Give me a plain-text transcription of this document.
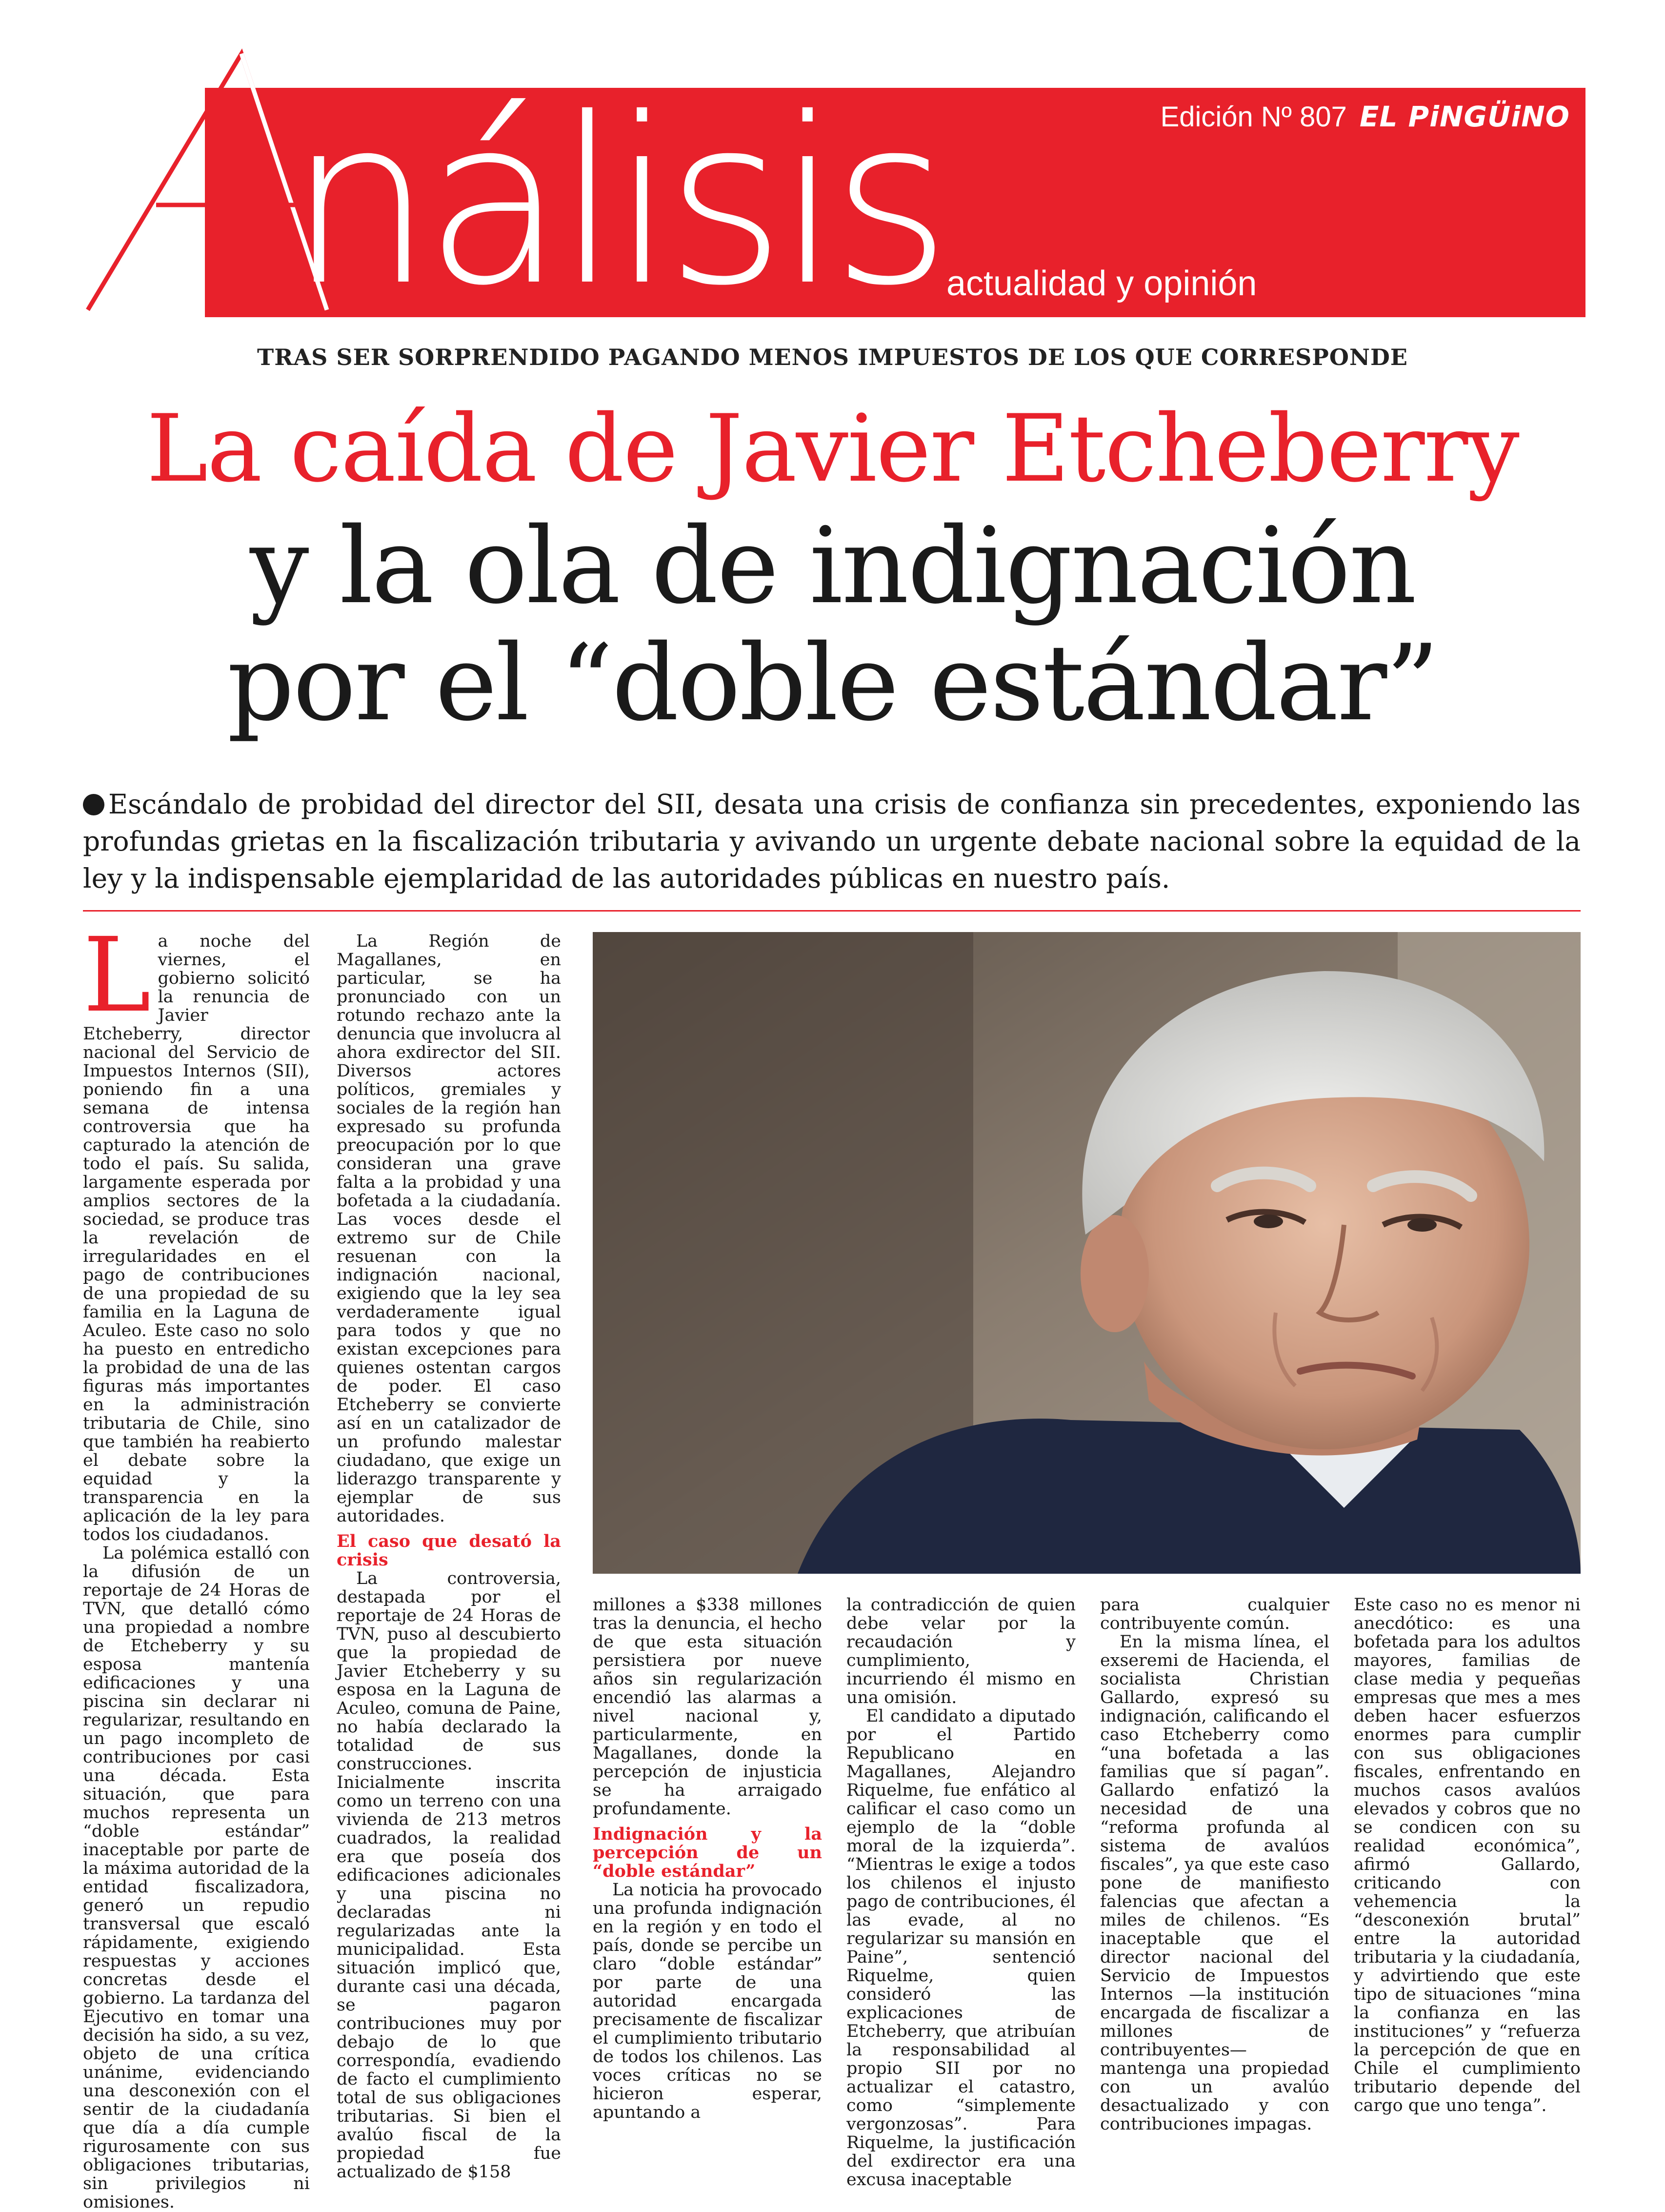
nálisis	Edición Nº 807 EL PiNGÜiNO
actualidad y opinión
TRAS SER SORPRENDIDO PAGANDO MENOS IMPUESTOS DE LOS QUE CORRESPONDE
La caída de Javier Etcheberry
y la ola de indignación
por el “doble estándar”
Escándalo de probidad del director del SII, desata una crisis de confianza sin precedentes, exponiendo las profundas grietas en la fiscalización tributaria y avivando un urgente debate nacional sobre la equidad de la ley y la indispensable ejemplaridad de las autoridades públicas en nuestro país.
L a noche del viernes, el gobierno solicitó la renuncia de Javier Etcheberry, director nacional del Servicio de Impuestos Internos (SII), poniendo fin a una semana de intensa controversia que ha capturado la atención de todo el país. Su salida, largamente esperada por amplios sectores de la sociedad, se produce tras la revelación de irregularidades en el pago de contribuciones de una propiedad de su familia en la Laguna de Aculeo. Este caso no solo ha puesto en entredicho la probidad de una de las figuras más importantes en la administración tributaria de Chile, sino que también ha reabierto el debate sobre la equidad y la transparencia en la aplicación de la ley para todos los ciudadanos.

La polémica estalló con la difusión de un reportaje de 24 Horas de TVN, que detalló cómo una propiedad a nombre de Etcheberry y su esposa mantenía edificaciones y una piscina sin declarar ni regularizar, resultando en un pago incompleto de contribuciones por casi una década. Esta situación, que para muchos representa un “doble estándar” inaceptable por parte de la máxima autoridad de la entidad fiscalizadora, generó un repudio transversal que escaló rápidamente, exigiendo respuestas y acciones concretas desde el gobierno. La tardanza del Ejecutivo en tomar una decisión ha sido, a su vez, objeto de una crítica unánime, evidenciando una desconexión con el sentir de la ciudadanía que día a día cumple rigurosamente con sus obligaciones tributarias, sin privilegios ni omisiones.

La Región de Magallanes, en particular, se ha pronunciado con un rotundo rechazo ante la denuncia que involucra al ahora exdirector del SII. Diversos actores políticos, gremiales y sociales de la región han expresado su profunda preocupación por lo que consideran una grave falta a la probidad y una bofetada a la ciudadanía. Las voces desde el extremo sur de Chile resuenan con la indignación nacional, exigiendo que la ley sea verdaderamente igual para todos y que no existan excepciones para quienes ostentan cargos de poder. El caso Etcheberry se convierte así en un catalizador de un profundo malestar ciudadano, que exige un liderazgo transparente y ejemplar de sus autoridades.

El caso que desató la crisis

La controversia, destapada por el reportaje de 24 Horas de TVN, puso al descubierto que la propiedad de Javier Etcheberry y su esposa en la Laguna de Aculeo, comuna de Paine, no había declarado la totalidad de sus construcciones. Inicialmente inscrita como un terreno con una vivienda de 213 metros cuadrados, la realidad era que poseía dos edificaciones adicionales y una piscina no declaradas ni regularizadas ante la municipalidad. Esta situación implicó que, durante casi una década, se pagaron contribuciones muy por debajo de lo que correspondía, evadiendo de facto el cumplimiento total de sus obligaciones tributarias. Si bien el avalúo fiscal de la propiedad fue actualizado de $158

millones a $338 millones tras la denuncia, el hecho de que esta situación persistiera por nueve años sin regularización encendió las alarmas a nivel nacional y, particularmente, en Magallanes, donde la percepción de injusticia se ha arraigado profundamente.

Indignación y la percepción de un “doble estándar”

La noticia ha provocado una profunda indignación en la región y en todo el país, donde se percibe un claro “doble estándar” por parte de una autoridad encargada precisamente de fiscalizar el cumplimiento tributario de todos los chilenos. Las voces críticas no se hicieron esperar, apuntando a

la contradicción de quien debe velar por la recaudación y cumplimiento, incurriendo él mismo en una omisión.

El candidato a diputado por el Partido Republicano en Magallanes, Alejandro Riquelme, fue enfático al calificar el caso como un ejemplo de la “doble moral de la izquierda”. “Mientras le exige a todos los chilenos el injusto pago de contribuciones, él las evade, al no regularizar su mansión en Paine”, sentenció Riquelme, quien consideró las explicaciones de Etcheberry, que atribuían la responsabilidad al propio SII por no actualizar el catastro, como “simplemente vergonzosas”. Para Riquelme, la justificación del exdirector era una excusa inaceptable

para cualquier contribuyente común.

En la misma línea, el exseremi de Hacienda, el socialista Christian Gallardo, expresó su indignación, calificando el caso Etcheberry como “una bofetada a las familias que sí pagan”. Gallardo enfatizó la necesidad de una “reforma profunda al sistema de avalúos fiscales”, ya que este caso pone de manifiesto falencias que afectan a miles de chilenos. “Es inaceptable que el director nacional del Servicio de Impuestos Internos —la institución encargada de fiscalizar a millones de contribuyentes— mantenga una propiedad con un avalúo desactualizado y con contribuciones impagas.

Este caso no es menor ni anecdótico: es una bofetada para los adultos mayores, familias de clase media y pequeñas empresas que mes a mes deben hacer esfuerzos enormes para cumplir con sus obligaciones fiscales, enfrentando en muchos casos avalúos elevados y cobros que no se condicen con su realidad económica”, afirmó Gallardo, criticando con vehemencia la “desconexión brutal” entre la autoridad tributaria y la ciudadanía, y advirtiendo que este tipo de situaciones “mina la confianza en las instituciones” y “refuerza la percepción de que en Chile el cumplimiento tributario depende del cargo que uno tenga”.
